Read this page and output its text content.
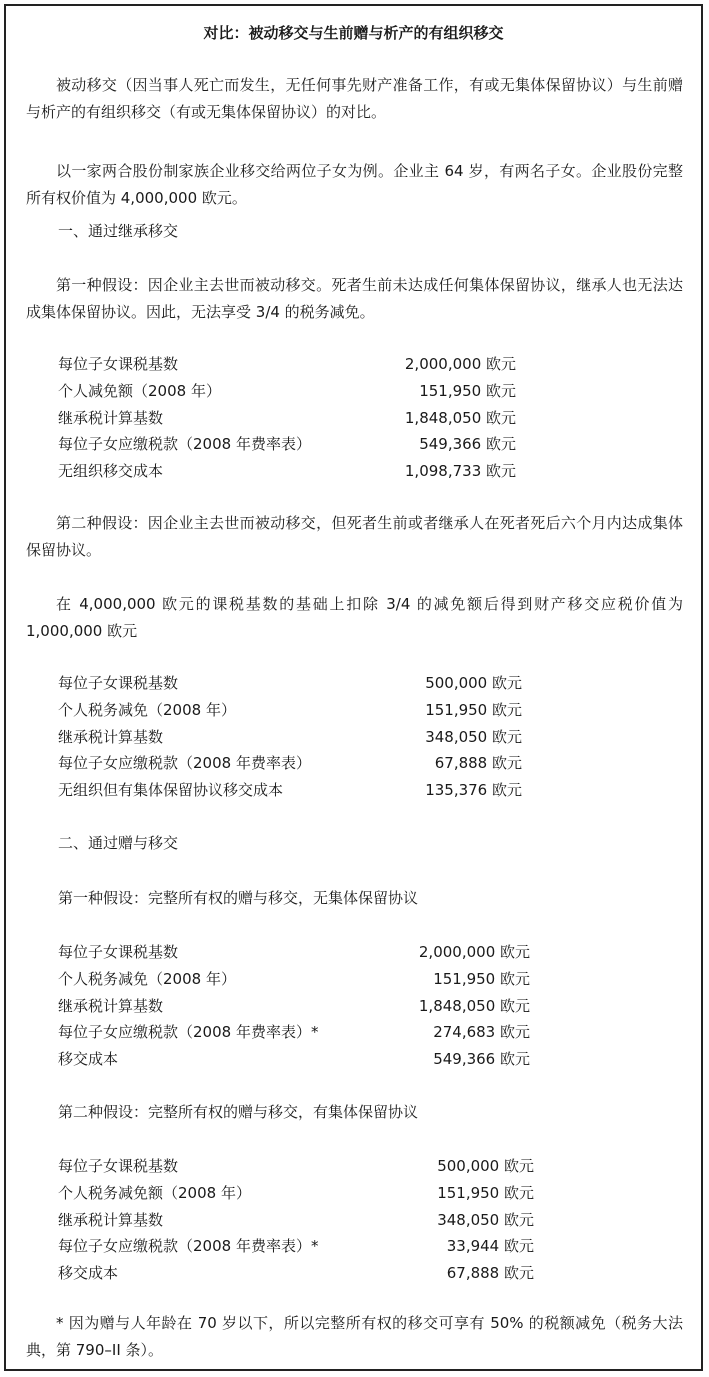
对比：被动移交与生前赠与析产的有组织移交
被动移交（因当事人死亡而发生，无任何事先财产准备工作，有或无集体保留协议）与生前赠与析产的有组织移交（有或无集体保留协议）的对比。
以一家两合股份制家族企业移交给两位子女为例。企业主 64 岁，有两名子女。企业股份完整所有权价值为 4,000,000 欧元。
一、通过继承移交
第一种假设：因企业主去世而被动移交。死者生前未达成任何集体保留协议，继承人也无法达成集体保留协议。因此，无法享受 3/4 的税务减免。
每位子女课税基数	2,000,000 欧元
个人减免额（2008 年）	151,950 欧元
继承税计算基数	1,848,050 欧元
每位子女应缴税款（2008 年费率表）	549,366 欧元
无组织移交成本	1,098,733 欧元
第二种假设：因企业主去世而被动移交，但死者生前或者继承人在死者死后六个月内达成集体保留协议。
在 4,000,000 欧元的课税基数的基础上扣除 3/4 的减免额后得到财产移交应税价值为 1,000,000 欧元
每位子女课税基数	500,000 欧元
个人税务减免（2008 年）	151,950 欧元
继承税计算基数	348,050 欧元
每位子女应缴税款（2008 年费率表）	67,888 欧元
无组织但有集体保留协议移交成本	135,376 欧元
二、通过赠与移交
第一种假设：完整所有权的赠与移交，无集体保留协议
每位子女课税基数	2,000,000 欧元
个人税务减免（2008 年）	151,950 欧元
继承税计算基数	1,848,050 欧元
每位子女应缴税款（2008 年费率表）*	274,683 欧元
移交成本	549,366 欧元
第二种假设：完整所有权的赠与移交，有集体保留协议
每位子女课税基数	500,000 欧元
个人税务减免额（2008 年）	151,950 欧元
继承税计算基数	348,050 欧元
每位子女应缴税款（2008 年费率表）*	33,944 欧元
移交成本	67,888 欧元
* 因为赠与人年龄在 70 岁以下，所以完整所有权的移交可享有 50% 的税额减免（税务大法典，第 790–II 条）。
